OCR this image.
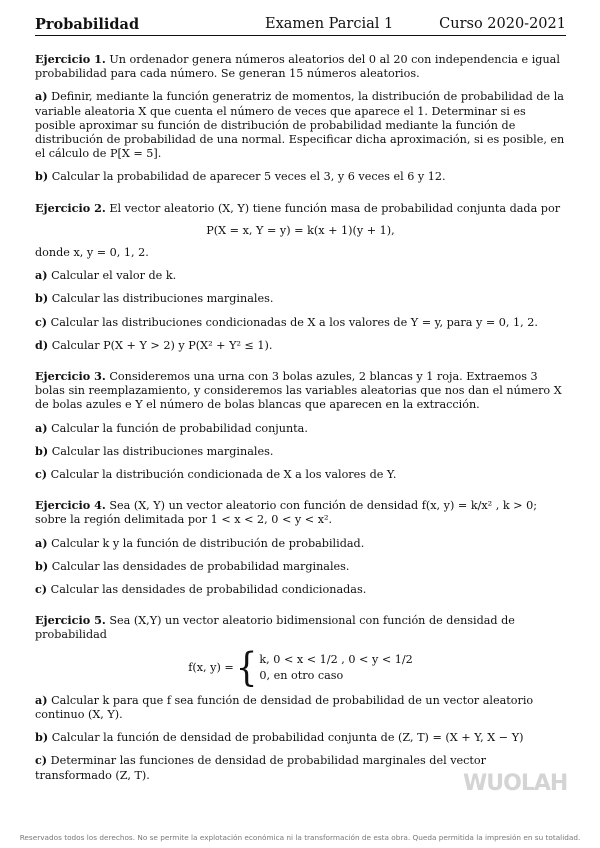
Probabilidad	Examen Parcial 1	Curso 2020-2021

Ejercicio 1. Un ordenador genera números aleatorios del 0 al 20 con independencia e igual probabilidad para cada número. Se generan 15 números aleatorios.

a) Definir, mediante la función generatriz de momentos, la distribución de probabilidad de la variable aleatoria X que cuenta el número de veces que aparece el 1. Determinar si es posible aproximar su función de distribución de probabilidad mediante la función de distribución de probabilidad de una normal. Especificar dicha aproximación, si es posible, en el cálculo de P[X = 5].

b) Calcular la probabilidad de aparecer 5 veces el 3, y 6 veces el 6 y 12.

Ejercicio 2. El vector aleatorio (X, Y) tiene función masa de probabilidad conjunta dada por

P(X = x, Y = y) = k(x + 1)(y + 1),

donde x, y = 0, 1, 2.

a) Calcular el valor de k.

b) Calcular las distribuciones marginales.

c) Calcular las distribuciones condicionadas de X a los valores de Y = y, para y = 0, 1, 2.

d) Calcular P(X + Y > 2) y P(X² + Y² ≤ 1).

Ejercicio 3. Consideremos una urna con 3 bolas azules, 2 blancas y 1 roja. Extraemos 3 bolas sin reemplazamiento, y consideremos las variables aleatorias que nos dan el número X de bolas azules e Y el número de bolas blancas que aparecen en la extracción.

a) Calcular la función de probabilidad conjunta.

b) Calcular las distribuciones marginales.

c) Calcular la distribución condicionada de X a los valores de Y.

Ejercicio 4. Sea (X, Y) un vector aleatorio con función de densidad f(x, y) = k/x² , k > 0; sobre la región delimitada por 1 < x < 2, 0 < y < x².

a) Calcular k y la función de distribución de probabilidad.

b) Calcular las densidades de probabilidad marginales.

c) Calcular las densidades de probabilidad condicionadas.

Ejercicio 5. Sea (X,Y) un vector aleatorio bidimensional con función de densidad de probabilidad

f(x, y) = { k, 0 < x < 1/2 , 0 < y < 1/2
0, en otro caso

a) Calcular k para que f sea función de densidad de probabilidad de un vector aleatorio continuo (X, Y).

b) Calcular la función de densidad de probabilidad conjunta de (Z, T) = (X + Y, X − Y)

c) Determinar las funciones de densidad de probabilidad marginales del vector transformado (Z, T).	WUOLAH
Reservados todos los derechos. No se permite la explotación económica ni la transformación de esta obra. Queda permitida la impresión en su totalidad.
